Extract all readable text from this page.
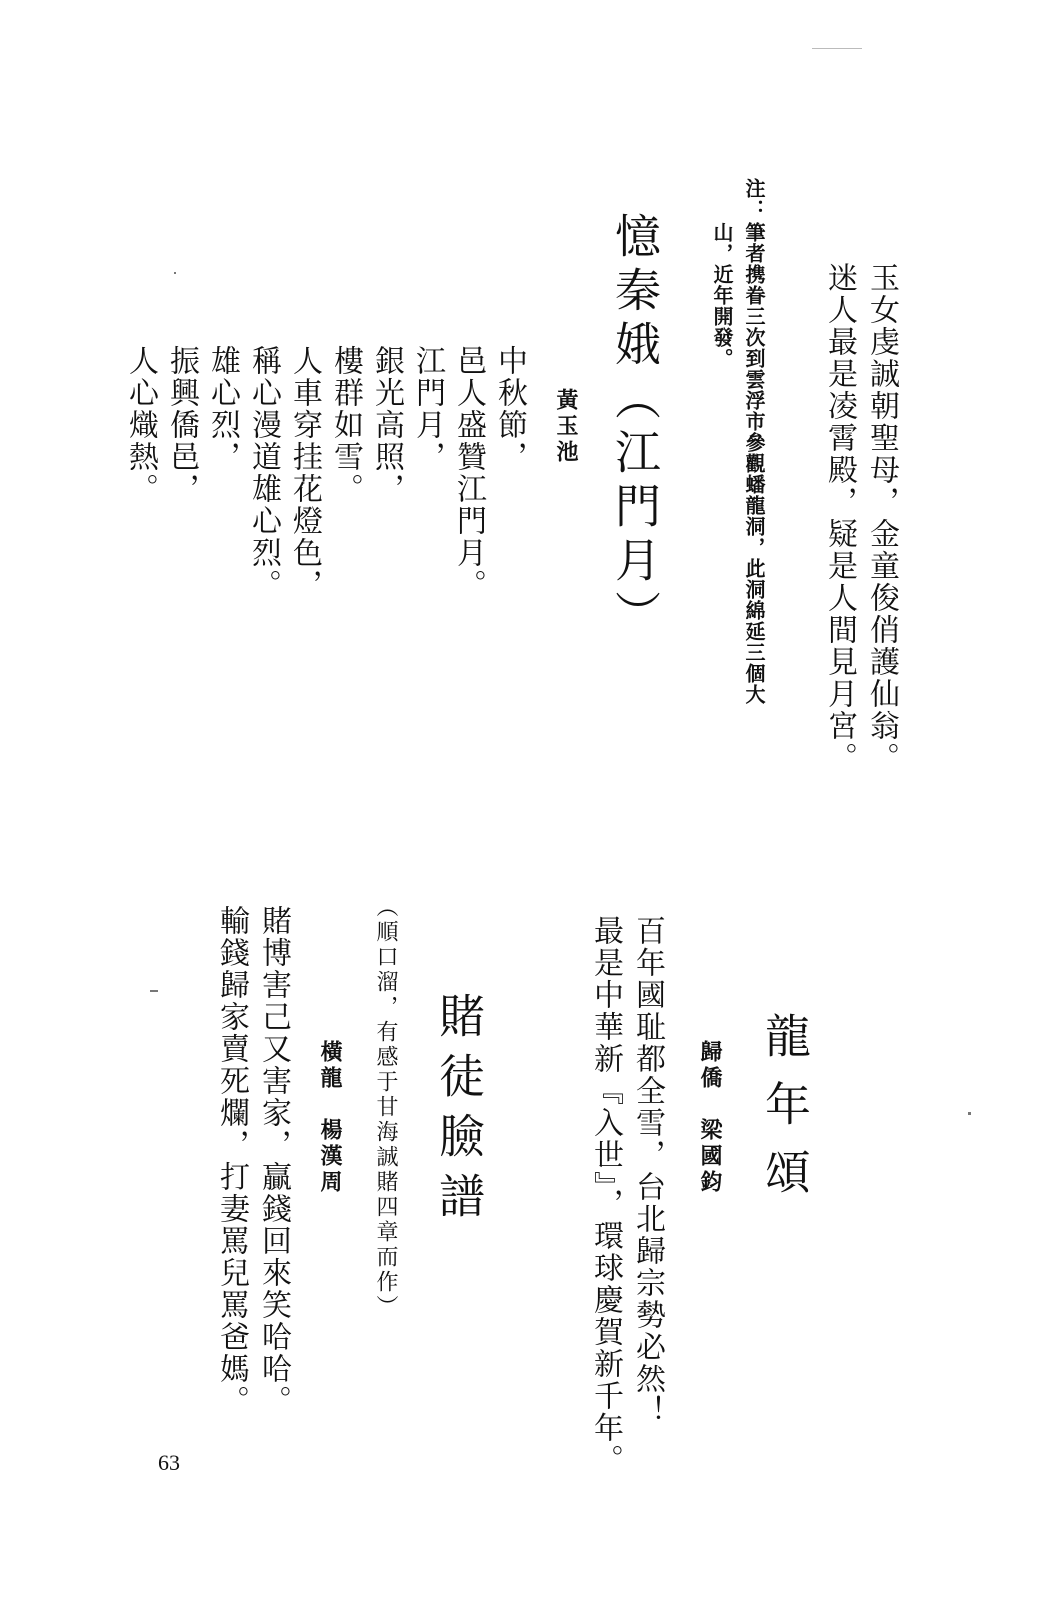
玉女虔誠朝聖母，金童俊俏護仙翁。
迷人最是凌霄殿，疑是人間見月宮。
注：
筆者携眷三次到雲浮市參觀蟠龍洞，此洞綿延三個大
山，近年開發。
憶秦娥（江門月）
黃玉池
中秋節，
邑人盛贊江門月。
江門月，
銀光高照，
樓群如雪。
人車穿挂花燈色，
稱心漫道雄心烈。
雄心烈，
振興僑邑，
人心熾熱。
龍年頌
歸僑　梁國鈞
百年國耻都全雪，台北歸宗勢必然！
最是中華新『入世』，環球慶賀新千年。
賭徒臉譜
（順口溜，有感于甘海誠賭四章而作）
橫龍　楊漢周
賭博害己又害家，贏錢回來笑哈哈。
輸錢歸家賣死爛，打妻罵兒罵爸媽。
63
